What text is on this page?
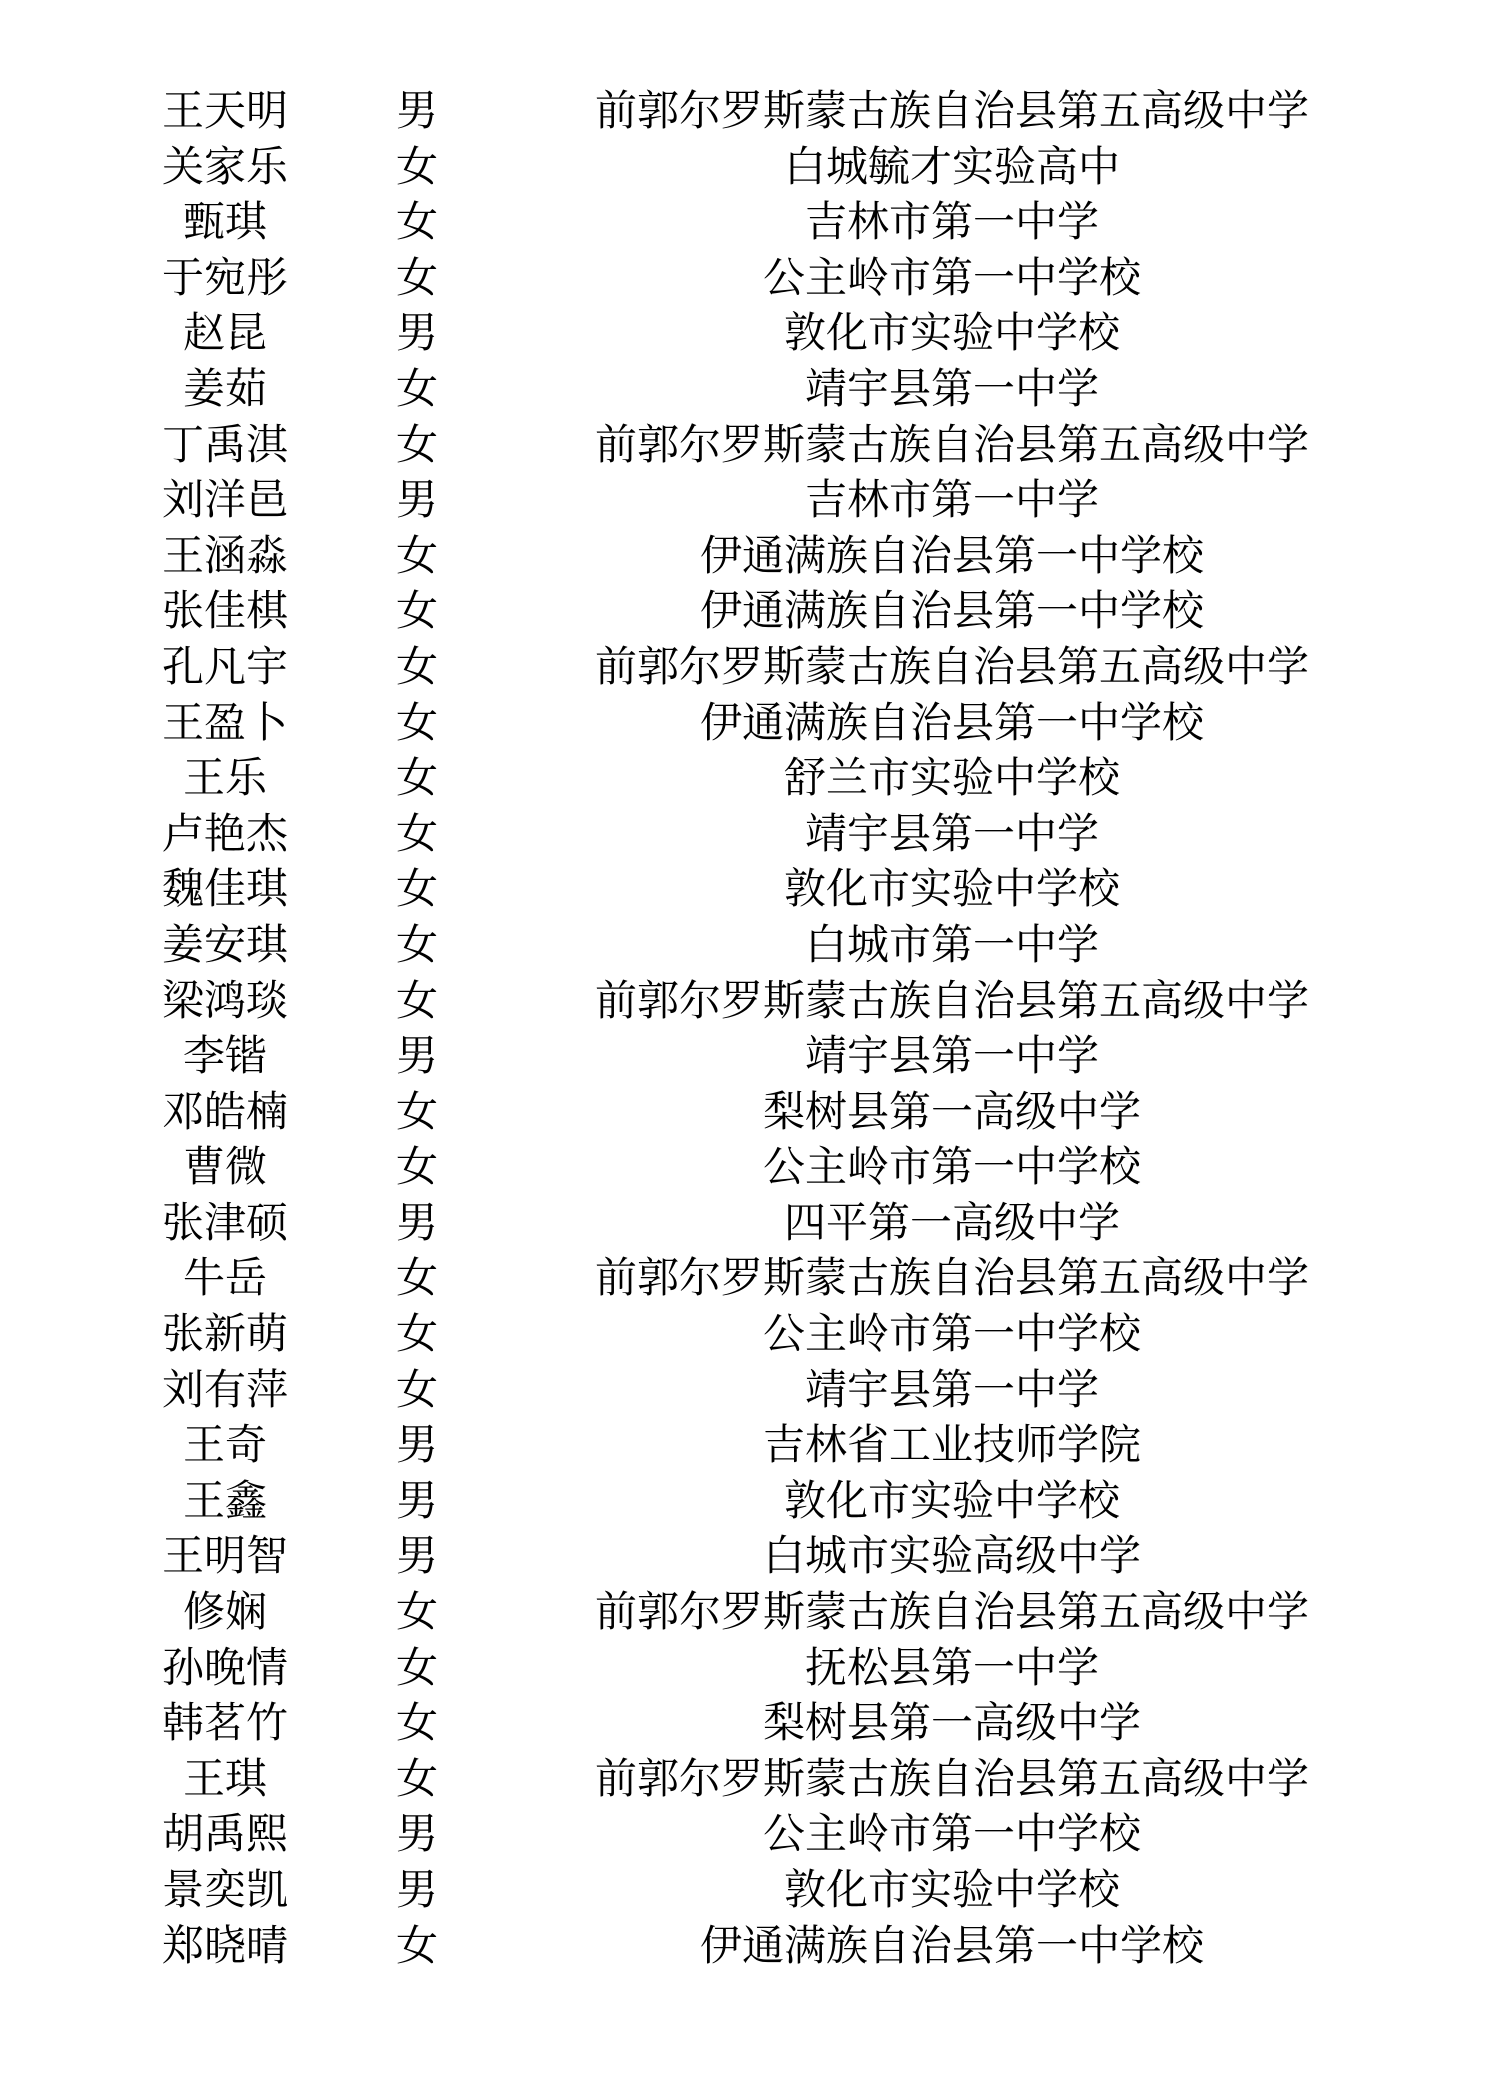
王天明	男	前郭尔罗斯蒙古族自治县第五高级中学
关家乐	女	白城毓才实验高中
甄琪	女	吉林市第一中学
于宛彤	女	公主岭市第一中学校
赵昆	男	敦化市实验中学校
姜茹	女	靖宇县第一中学
丁禹淇	女	前郭尔罗斯蒙古族自治县第五高级中学
刘洋邑	男	吉林市第一中学
王涵淼	女	伊通满族自治县第一中学校
张佳棋	女	伊通满族自治县第一中学校
孔凡宇	女	前郭尔罗斯蒙古族自治县第五高级中学
王盈卜	女	伊通满族自治县第一中学校
王乐	女	舒兰市实验中学校
卢艳杰	女	靖宇县第一中学
魏佳琪	女	敦化市实验中学校
姜安琪	女	白城市第一中学
梁鸿琰	女	前郭尔罗斯蒙古族自治县第五高级中学
李锴	男	靖宇县第一中学
邓皓楠	女	梨树县第一高级中学
曹微	女	公主岭市第一中学校
张津硕	男	四平第一高级中学
牛岳	女	前郭尔罗斯蒙古族自治县第五高级中学
张新萌	女	公主岭市第一中学校
刘有萍	女	靖宇县第一中学
王奇	男	吉林省工业技师学院
王鑫	男	敦化市实验中学校
王明智	男	白城市实验高级中学
修娴	女	前郭尔罗斯蒙古族自治县第五高级中学
孙晚情	女	抚松县第一中学
韩茗竹	女	梨树县第一高级中学
王琪	女	前郭尔罗斯蒙古族自治县第五高级中学
胡禹熙	男	公主岭市第一中学校
景奕凯	男	敦化市实验中学校
郑晓晴	女	伊通满族自治县第一中学校
